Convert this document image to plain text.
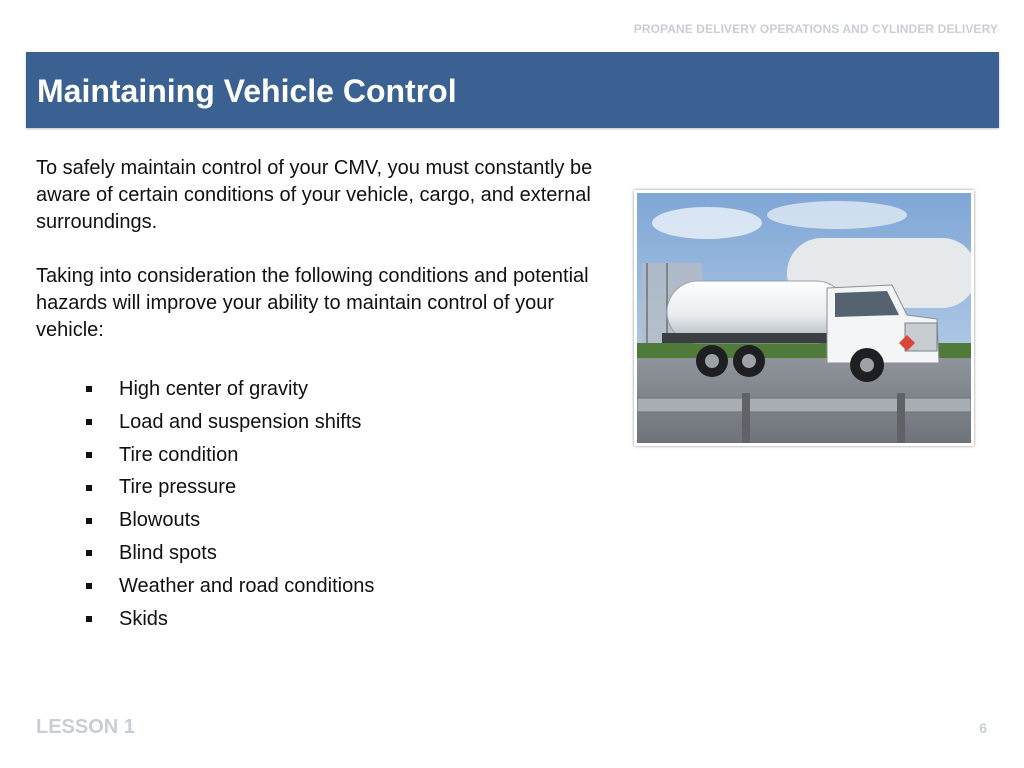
PROPANE DELIVERY OPERATIONS AND CYLINDER DELIVERY
Maintaining Vehicle Control
To safely maintain control of your CMV, you must constantly be aware of certain conditions of your vehicle, cargo, and external surroundings.
Taking into consideration the following conditions and potential hazards will improve your ability to maintain control of your vehicle:
High center of gravity
Load and suspension shifts
Tire condition
Tire pressure
Blowouts
Blind spots
Weather and road conditions
Skids
LESSON 1	6
